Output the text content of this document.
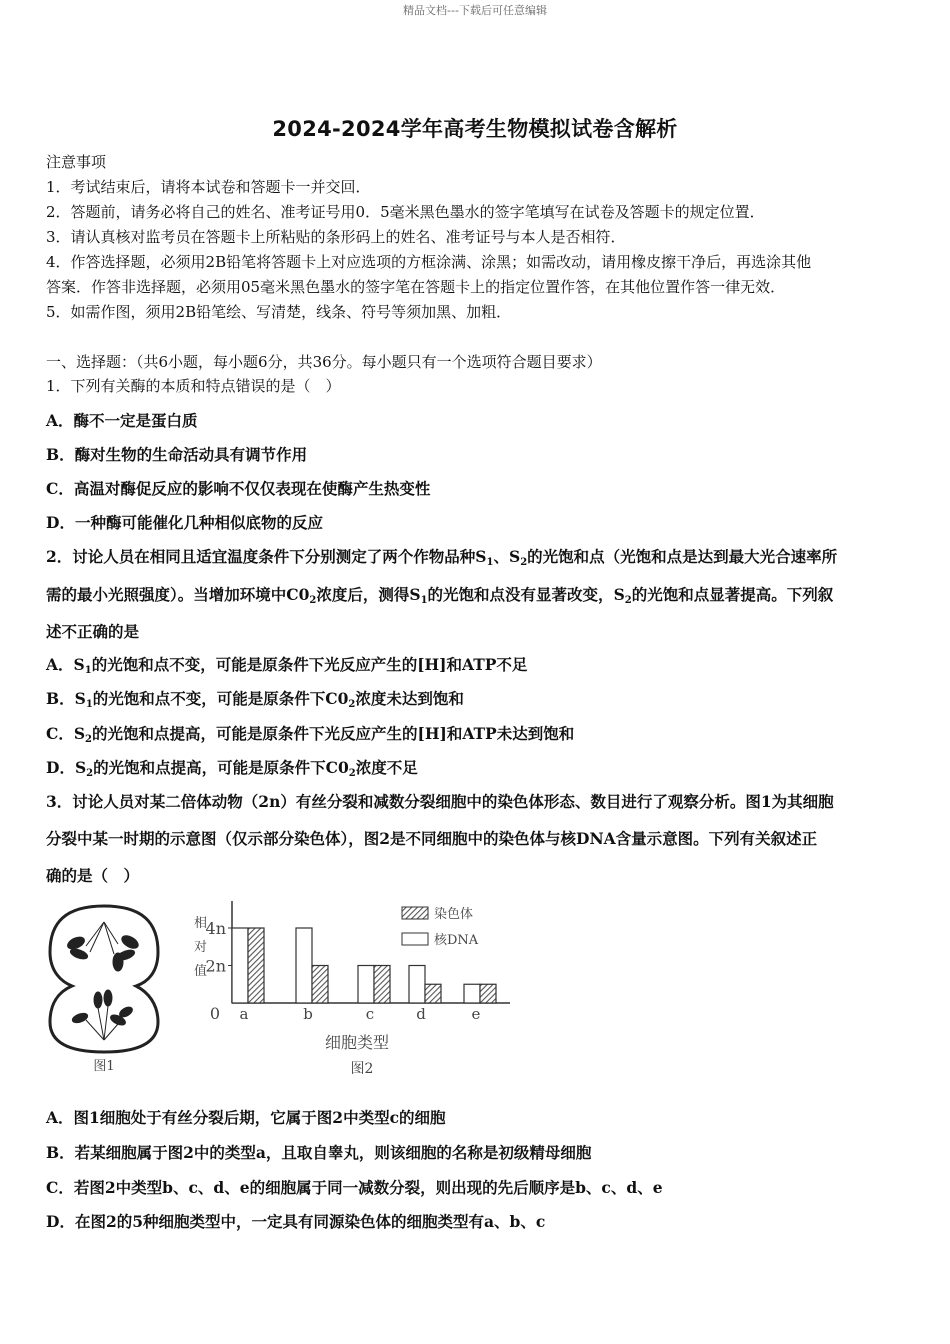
精品文档---下载后可任意编辑
2024-2024学年高考生物模拟试卷含解析
注意事项
1．考试结束后，请将本试卷和答题卡一并交回．
2．答题前，请务必将自己的姓名、准考证号用0．5毫米黑色墨水的签字笔填写在试卷及答题卡的规定位置．
3．请认真核对监考员在答题卡上所粘贴的条形码上的姓名、准考证号与本人是否相符．
4．作答选择题，必须用2B铅笔将答题卡上对应选项的方框涂满、涂黑；如需改动，请用橡皮擦干净后，再选涂其他
答案．作答非选择题，必须用05毫米黑色墨水的签字笔在答题卡上的指定位置作答，在其他位置作答一律无效．
5．如需作图，须用2B铅笔绘、写清楚，线条、符号等须加黑、加粗．
一、选择题：（共6小题，每小题6分，共36分。每小题只有一个选项符合题目要求）
1．下列有关酶的本质和特点错误的是（　）
A．酶不一定是蛋白质
B．酶对生物的生命活动具有调节作用
C．高温对酶促反应的影响不仅仅表现在使酶产生热变性
D．一种酶可能催化几种相似底物的反应
2．讨论人员在相同且适宜温度条件下分别测定了两个作物品种$S_1$、$S_2$的光饱和点（光饱和点是达到最大光合速率所
需的最小光照强度）。当增加环境中$C0_2$浓度后，测得$S_1$的光饱和点没有显著改变，$S_2$的光饱和点显著提高。下列叙
述不正确的是
A．$S_1$的光饱和点不变，可能是原条件下光反应产生的[H]和ATP不足
B．$S_1$的光饱和点不变，可能是原条件下$C0_2$浓度未达到饱和
C．$S_2$的光饱和点提高，可能是原条件下光反应产生的[H]和ATP未达到饱和
D．$S_2$的光饱和点提高，可能是原条件下$C0_2$浓度不足
3．讨论人员对某二倍体动物（2n）有丝分裂和减数分裂细胞中的染色体形态、数目进行了观察分析。图1为其细胞
分裂中某一时期的示意图（仅示部分染色体），图2是不同细胞中的染色体与核DNA含量示意图。下列有关叙述正
确的是（　）
图1
相
对
值
0
2n
4n
a	b	c	d	e
染色体
核DNA
细胞类型
图2
A．图1细胞处于有丝分裂后期，它属于图2中类型c的细胞
B．若某细胞属于图2中的类型a，且取自睾丸，则该细胞的名称是初级精母细胞
C．若图2中类型b、c、d、e的细胞属于同一减数分裂，则出现的先后顺序是b、c、d、e
D．在图2的5种细胞类型中，一定具有同源染色体的细胞类型有a、b、c
